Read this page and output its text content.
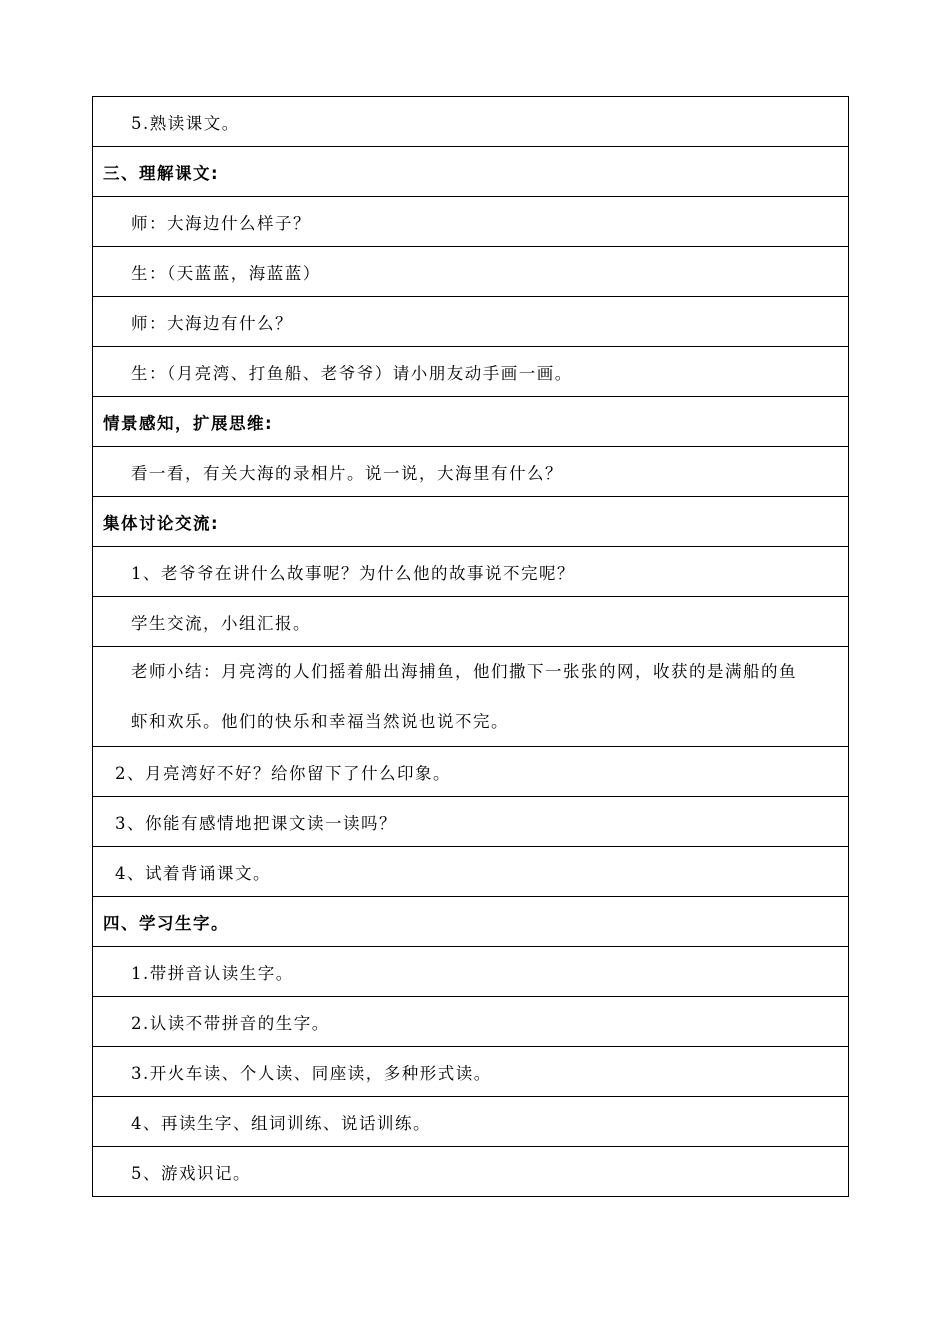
5.熟读课文。
三、理解课文:
师：大海边什么样子？
生：（天蓝蓝，海蓝蓝）
师：大海边有什么？
生：（月亮湾、打鱼船、老爷爷）请小朋友动手画一画。
情景感知，扩展思维:
看一看，有关大海的录相片。说一说，大海里有什么？
集体讨论交流:
1、老爷爷在讲什么故事呢？为什么他的故事说不完呢？
学生交流，小组汇报。

老师小结：月亮湾的人们摇着船出海捕鱼，他们撒下一张张的网，收获的是满船的鱼
虾和欢乐。他们的快乐和幸福当然说也说不完。

2、月亮湾好不好？给你留下了什么印象。
3、你能有感情地把课文读一读吗？
4、试着背诵课文。
四、学习生字。
1.带拼音认读生字。
2.认读不带拼音的生字。
3.开火车读、个人读、同座读，多种形式读。
4、再读生字、组词训练、说话训练。
5、游戏识记。
